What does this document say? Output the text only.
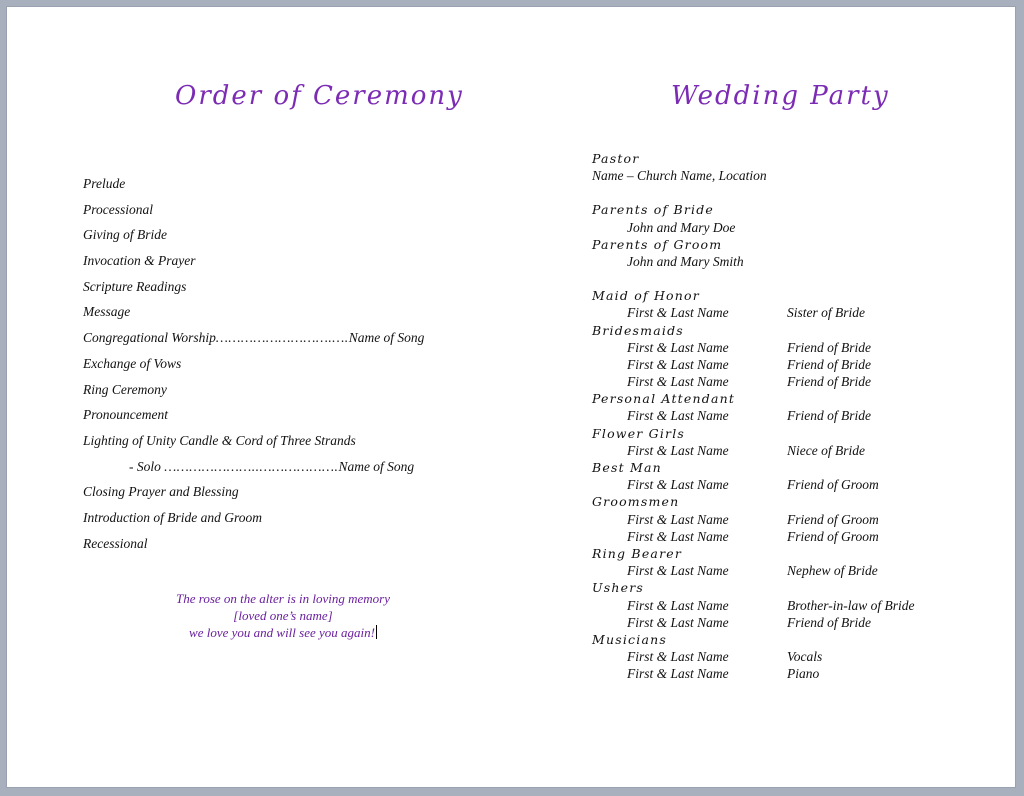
Order of Ceremony
Prelude
Processional
Giving of Bride
Invocation & Prayer
Scripture Readings
Message
Congregational Worship……………………….….Name of Song
Exchange of Vows
Ring Ceremony
Pronouncement
Lighting of Unity Candle & Cord of Three Strands
- Solo …………………..……………….Name of Song
Closing Prayer and Blessing
Introduction of Bride and Groom
Recessional
The rose on the alter is in loving memory
[loved one’s name]
we love you and will see you again!
Wedding Party
Pastor
Name – Church Name, Location
Parents of Bride
John and Mary Doe
Parents of Groom
John and Mary Smith
Maid of Honor
First & Last Name	Sister of Bride
Bridesmaids
First & Last Name	Friend of Bride
First & Last Name	Friend of Bride
First & Last Name	Friend of Bride
Personal Attendant
First & Last Name	Friend of Bride
Flower Girls
First & Last Name	Niece of Bride
Best Man
First & Last Name	Friend of Groom
Groomsmen
First & Last Name	Friend of Groom
First & Last Name	Friend of Groom
Ring Bearer
First & Last Name	Nephew of Bride
Ushers
First & Last Name	Brother-in-law of Bride
First & Last Name	Friend of Bride
Musicians
First & Last Name	Vocals
First & Last Name	Piano
